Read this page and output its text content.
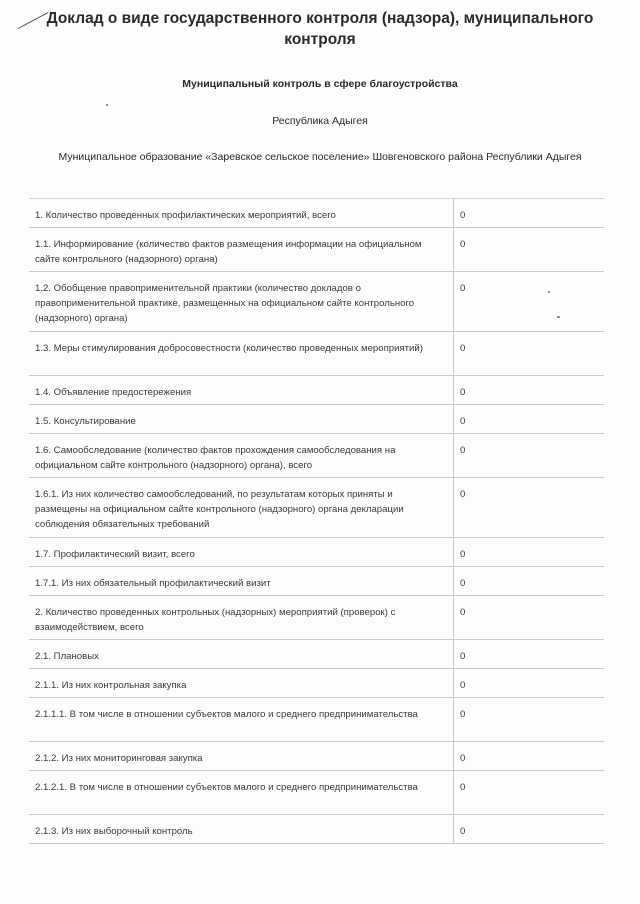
Доклад о виде государственного контроля (надзора), муниципального контроля
Муниципальный контроль в сфере благоустройства
Республика Адыгея
Муниципальное образование «Заревское сельское поселение» Шовгеновского района Республики Адыгея
1. Количество проведенных профилактических мероприятий, всего	0
1.1. Информирование (количество фактов размещения информации на официальном сайте контрольного (надзорного) органа)	0
1.2. Обобщение правоприменительной практики (количество докладов о правоприменительной практике, размещенных на официальном сайте контрольного (надзорного) органа)	0
1.3. Меры стимулирования добросовестности (количество проведенных мероприятий)	0
1.4. Объявление предостережения	0
1.5. Консультирование	0
1.6. Самообследование (количество фактов прохождения самообследования на официальном сайте контрольного (надзорного) органа), всего	0
1.6.1. Из них количество самообследований, по результатам которых приняты и размещены на официальном сайте контрольного (надзорного) органа декларации соблюдения обязательных требований	0
1.7. Профилактический визит, всего	0
1.7.1. Из них обязательный профилактический визит	0
2. Количество проведенных контрольных (надзорных) мероприятий (проверок) с взаимодействием, всего	0
2.1. Плановых	0
2.1.1. Из них контрольная закупка	0
2.1.1.1. В том числе в отношении субъектов малого и среднего предпринимательства	0
2.1.2. Из них мониторинговая закупка	0
2.1.2.1. В том числе в отношении субъектов малого и среднего предпринимательства	0
2.1.3. Из них выборочный контроль	0
